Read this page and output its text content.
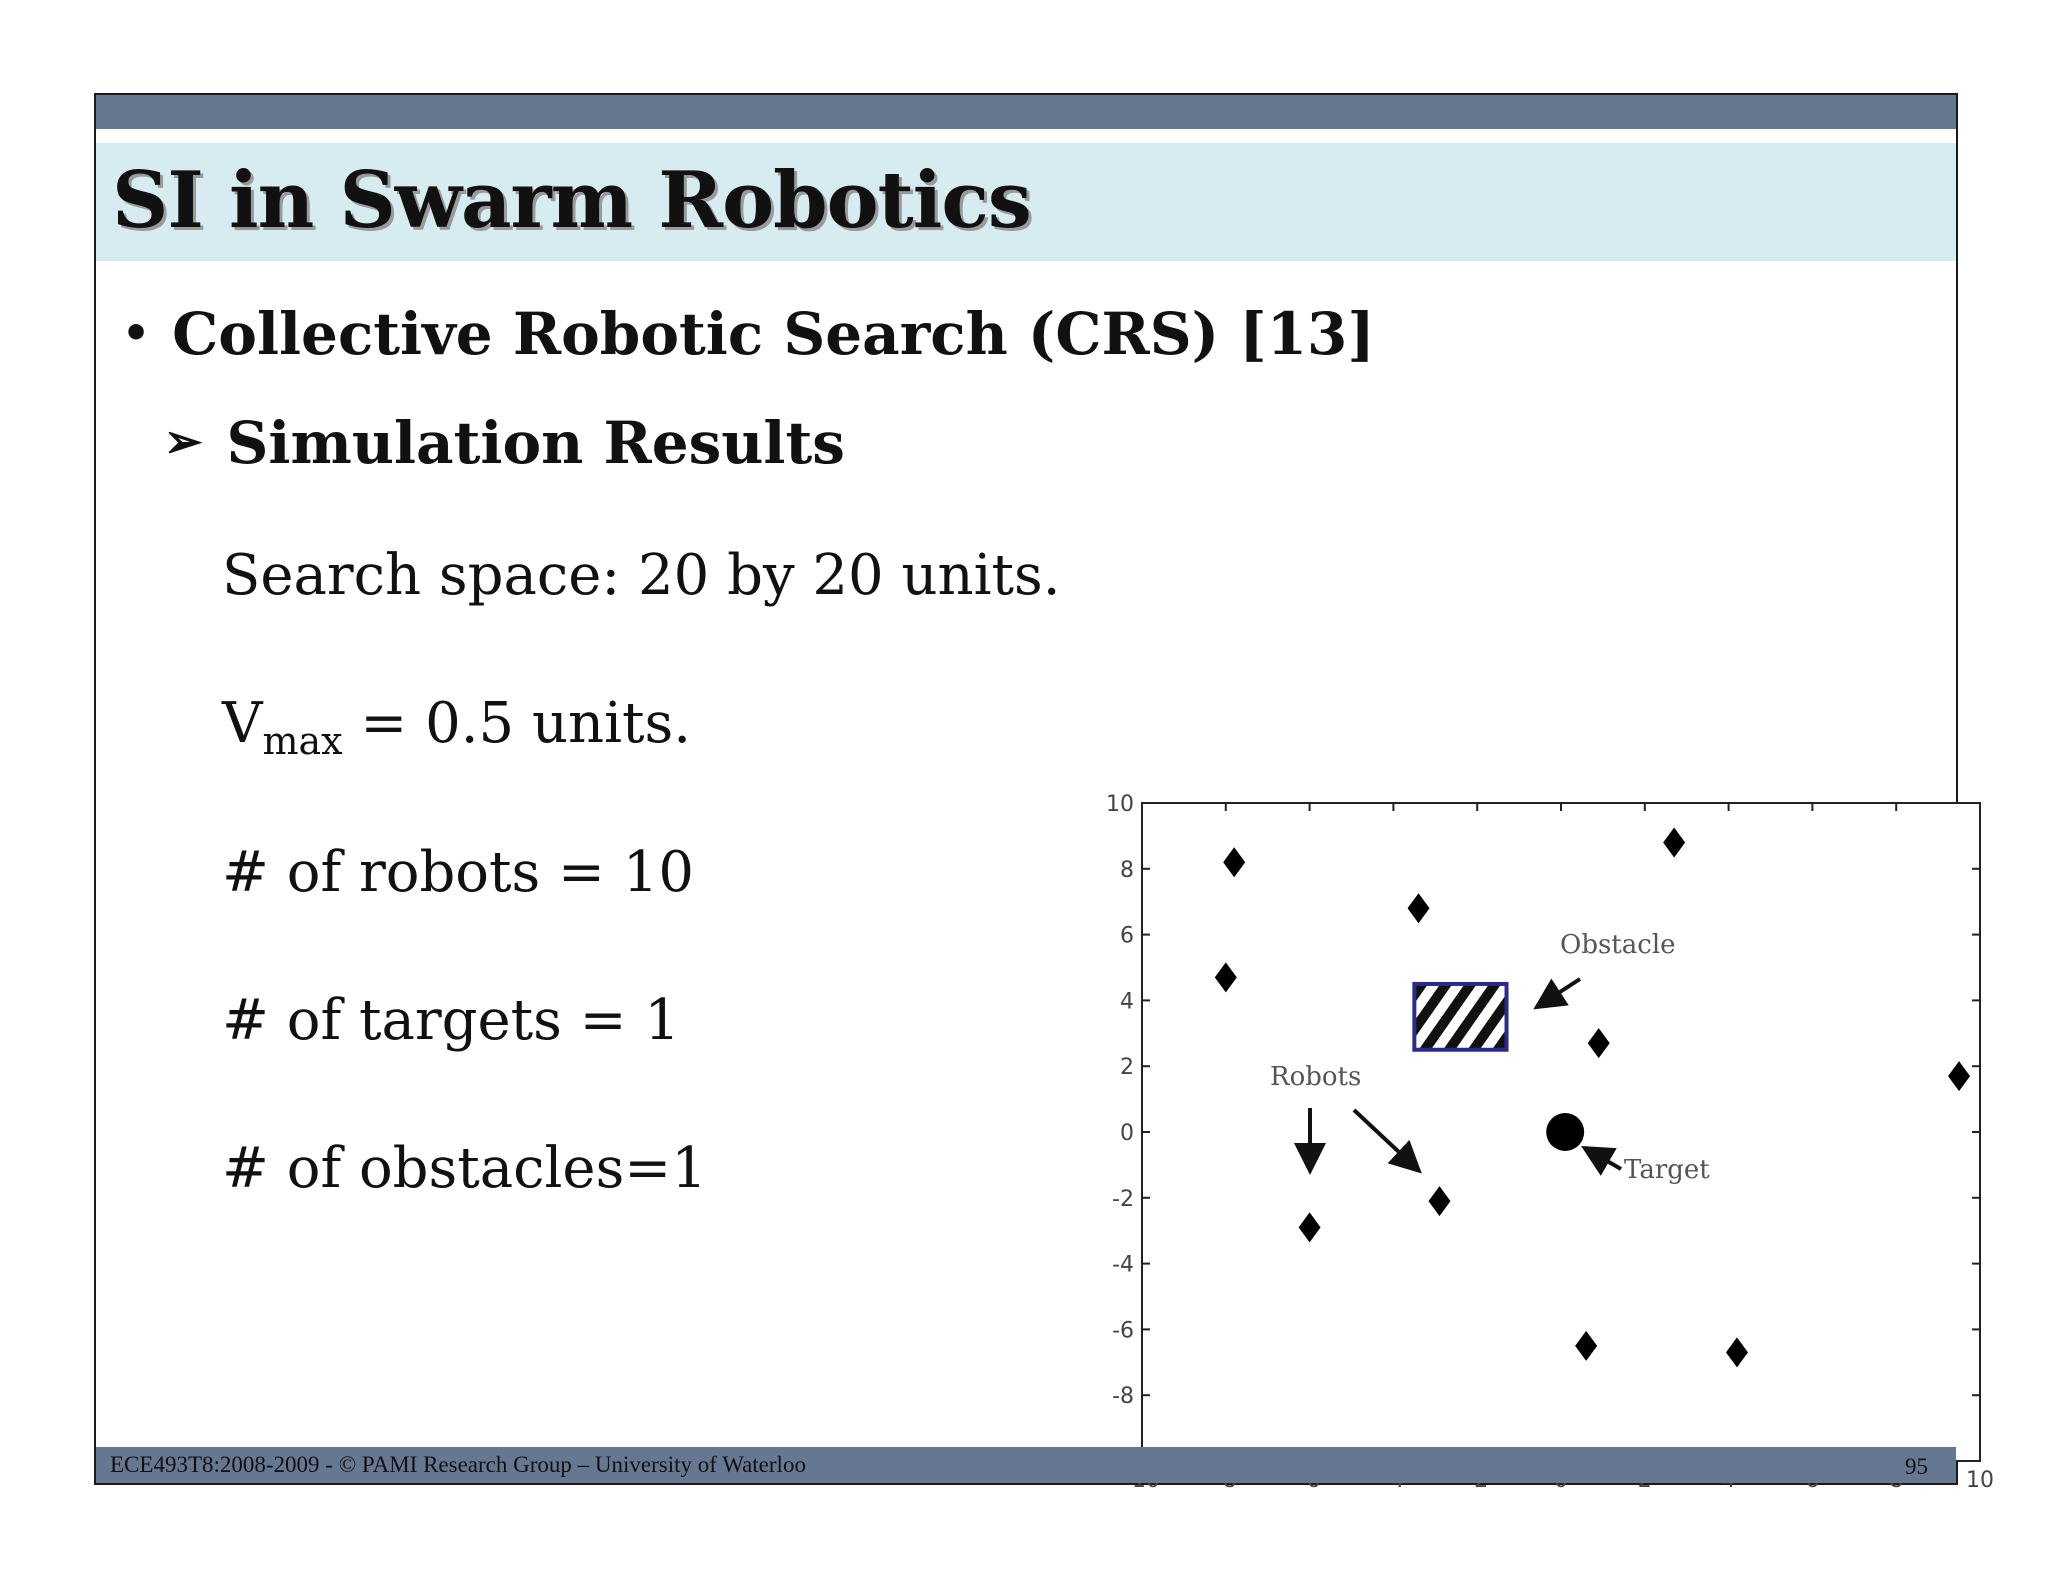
SI in Swarm Robotics
• Collective Robotic Search (CRS) [13]
➢ Simulation Results
Search space: 20 by 20 units.
$V_{max} = 0.5$ units.
# of robots = 10
# of targets = 1
# of obstacles=1
10
-8
-6
-4
-2
0
2
4
6
8
10
Obstacle
Robots
Target
ECE493T8:2008-2009 - © PAMI Research Group – University of Waterloo	95
